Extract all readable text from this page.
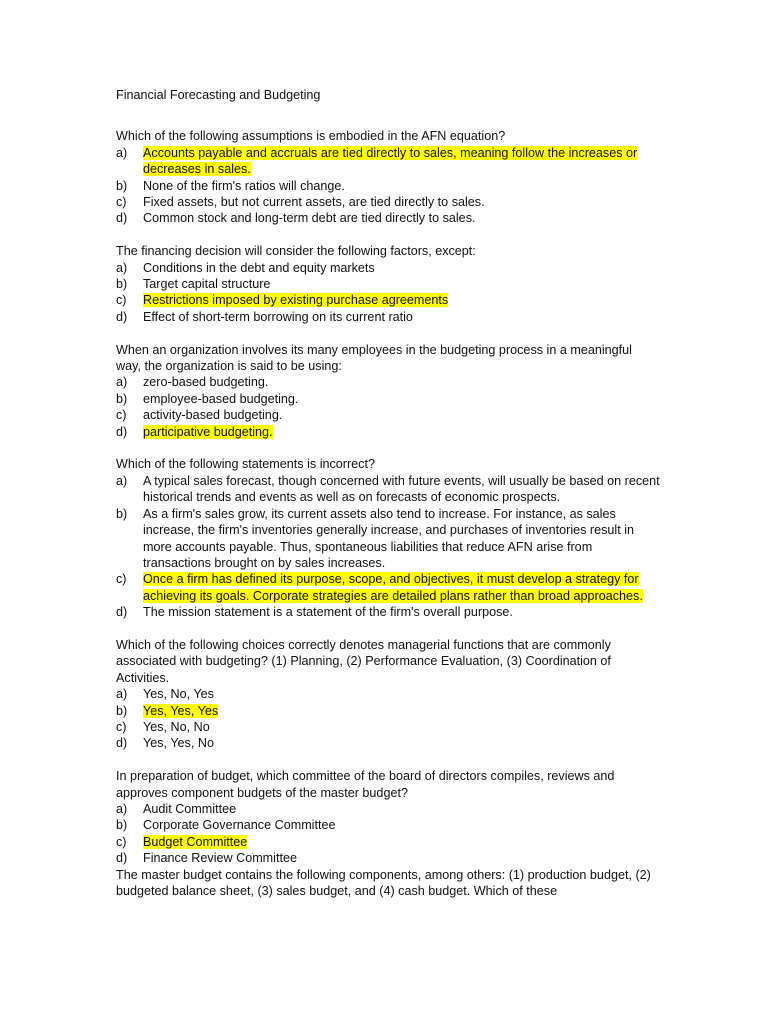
Financial Forecasting and Budgeting
Which of the following assumptions is embodied in the AFN equation?
a)	Accounts payable and accruals are tied directly to sales, meaning follow the increases or decreases in sales.
b)	None of the firm's ratios will change.
c)	Fixed assets, but not current assets, are tied directly to sales.
d)	Common stock and long-term debt are tied directly to sales.
The financing decision will consider the following factors, except:
a)	Conditions in the debt and equity markets
b)	Target capital structure
c)	Restrictions imposed by existing purchase agreements
d)	Effect of short-term borrowing on its current ratio
When an organization involves its many employees in the budgeting process in a meaningful way, the organization is said to be using:
a)	zero-based budgeting.
b)	employee-based budgeting.
c)	activity-based budgeting.
d)	participative budgeting.
Which of the following statements is incorrect?
a)	A typical sales forecast, though concerned with future events, will usually be based on recent historical trends and events as well as on forecasts of economic prospects.
b)	As a firm's sales grow, its current assets also tend to increase. For instance, as sales increase, the firm's inventories generally increase, and purchases of inventories result in more accounts payable. Thus, spontaneous liabilities that reduce AFN arise from transactions brought on by sales increases.
c)	Once a firm has defined its purpose, scope, and objectives, it must develop a strategy for achieving its goals. Corporate strategies are detailed plans rather than broad approaches.
d)	The mission statement is a statement of the firm's overall purpose.
Which of the following choices correctly denotes managerial functions that are commonly associated with budgeting? (1) Planning, (2) Performance Evaluation, (3) Coordination of Activities.
a)	Yes, No, Yes
b)	Yes, Yes, Yes
c)	Yes, No, No
d)	Yes, Yes, No
In preparation of budget, which committee of the board of directors compiles, reviews and approves component budgets of the master budget?
a)	Audit Committee
b)	Corporate Governance Committee
c)	Budget Committee
d)	Finance Review Committee
The master budget contains the following components, among others: (1) production budget, (2) budgeted balance sheet, (3) sales budget, and (4) cash budget. Which of these
